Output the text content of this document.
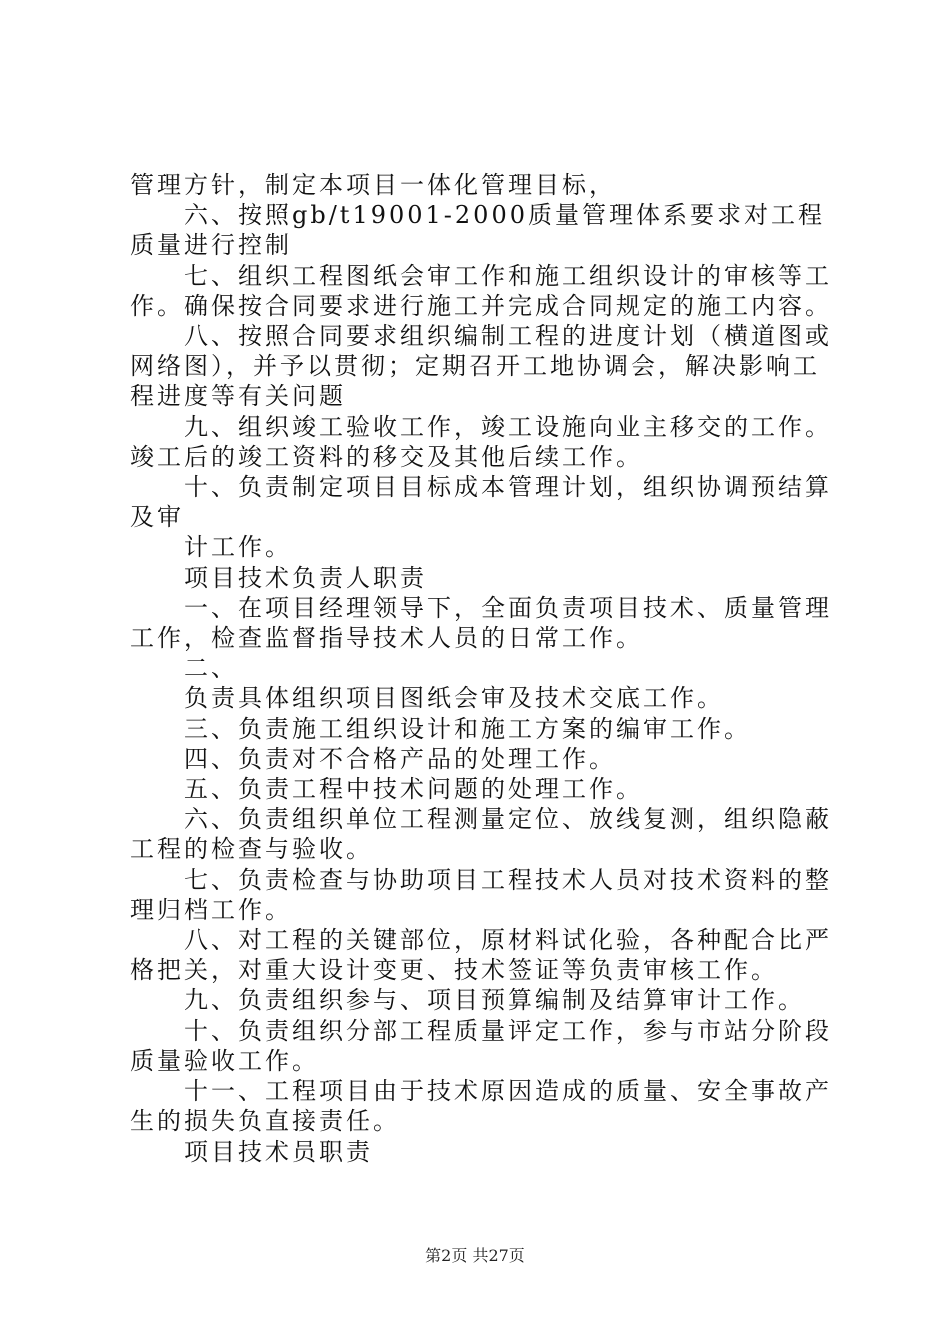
管理方针，制定本项目一体化管理目标，

六、按照gb/t19001-2000质量管理体系要求对工程质量进行控制

七、组织工程图纸会审工作和施工组织设计的审核等工作。确保按合同要求进行施工并完成合同规定的施工内容。

八、按照合同要求组织编制工程的进度计划（横道图或网络图），并予以贯彻；定期召开工地协调会，解决影响工程进度等有关问题

九、组织竣工验收工作，竣工设施向业主移交的工作。竣工后的竣工资料的移交及其他后续工作。

十、负责制定项目目标成本管理计划，组织协调预结算及审

计工作。

项目技术负责人职责

一、在项目经理领导下，全面负责项目技术、质量管理工作，检查监督指导技术人员的日常工作。

二、

负责具体组织项目图纸会审及技术交底工作。

三、负责施工组织设计和施工方案的编审工作。

四、负责对不合格产品的处理工作。

五、负责工程中技术问题的处理工作。

六、负责组织单位工程测量定位、放线复测，组织隐蔽工程的检查与验收。

七、负责检查与协助项目工程技术人员对技术资料的整理归档工作。

八、对工程的关键部位，原材料试化验，各种配合比严格把关，对重大设计变更、技术签证等负责审核工作。

九、负责组织参与、项目预算编制及结算审计工作。

十、负责组织分部工程质量评定工作，参与市站分阶段质量验收工作。

十一、工程项目由于技术原因造成的质量、安全事故产生的损失负直接责任。

项目技术员职责

第2页 共27页
